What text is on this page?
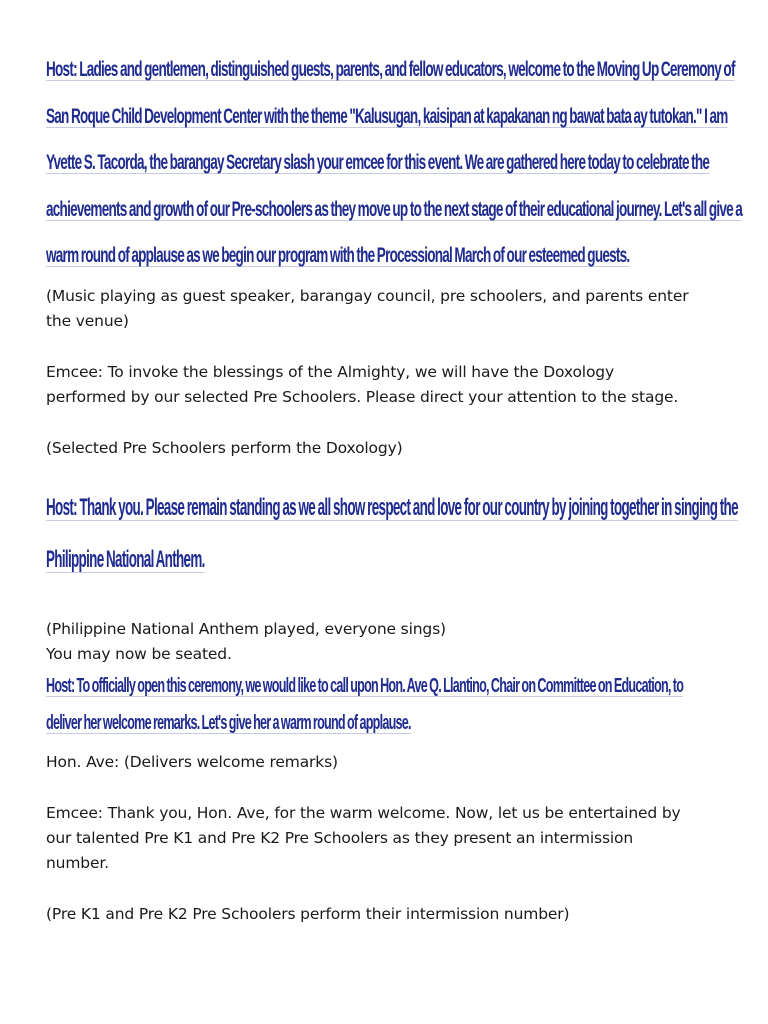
Host: Ladies and gentlemen, distinguished guests, parents, and fellow educators, welcome to the Moving Up Ceremony of
San Roque Child Development Center with the theme "Kalusugan, kaisipan at kapakanan ng bawat bata ay tutokan." I am
Yvette S. Tacorda, the barangay Secretary slash your emcee for this event. We are gathered here today to celebrate the
achievements and growth of our Pre-schoolers as they move up to the next stage of their educational journey. Let's all give a
warm round of applause as we begin our program with the Processional March of our esteemed guests.

(Music playing as guest speaker, barangay council, pre schoolers, and parents enter
the venue)

Emcee: To invoke the blessings of the Almighty, we will have the Doxology
performed by our selected Pre Schoolers. Please direct your attention to the stage.

(Selected Pre Schoolers perform the Doxology)

Host: Thank you. Please remain standing as we all show respect and love for our country by joining together in singing the
Philippine National Anthem.

(Philippine National Anthem played, everyone sings)
You may now be seated.

Host: To officially open this ceremony, we would like to call upon Hon. Ave Q. Llantino, Chair on Committee on Education, to
deliver her welcome remarks. Let's give her a warm round of applause.

Hon. Ave: (Delivers welcome remarks)

Emcee: Thank you, Hon. Ave, for the warm welcome. Now, let us be entertained by
our talented Pre K1 and Pre K2 Pre Schoolers as they present an intermission
number.

(Pre K1 and Pre K2 Pre Schoolers perform their intermission number)
